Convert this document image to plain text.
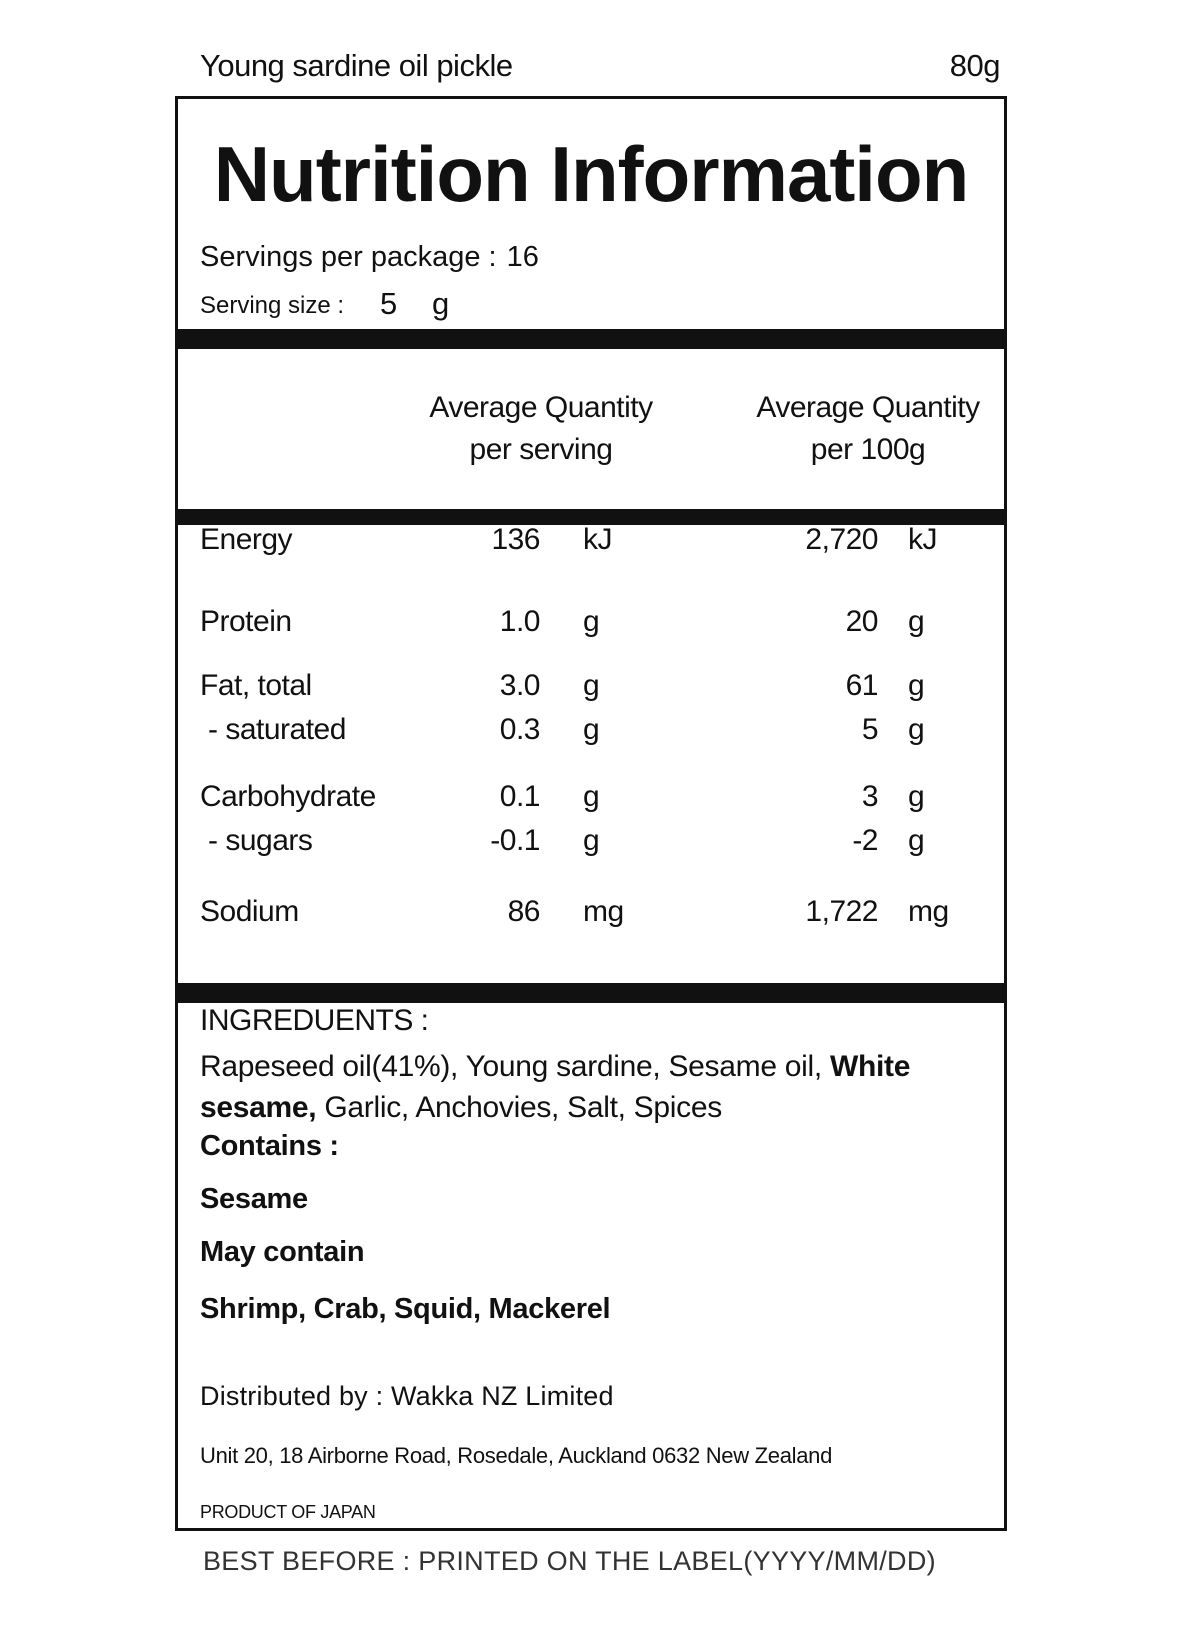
Young sardine oil pickle	80g
Nutrition Information
Servings per package : 16
Serving size : 5 g
Average Quantity
per serving
Average Quantity
per 100g
Energy	136 kJ	2,720 kJ
Protein	1.0 g	20 g
Fat, total	3.0 g	61 g
- saturated	0.3 g	5 g
Carbohydrate	0.1 g	3 g
- sugars	-0.1 g	-2 g
Sodium	86 mg	1,722 mg
INGREDUENTS :
Rapeseed oil(41%), Young sardine, Sesame oil, White sesame, Garlic, Anchovies, Salt, Spices
Contains :
Sesame
May contain
Shrimp, Crab, Squid, Mackerel
Distributed by : Wakka NZ Limited
Unit 20, 18 Airborne Road, Rosedale, Auckland 0632 New Zealand
PRODUCT OF JAPAN
BEST BEFORE : PRINTED ON THE LABEL(YYYY/MM/DD)
